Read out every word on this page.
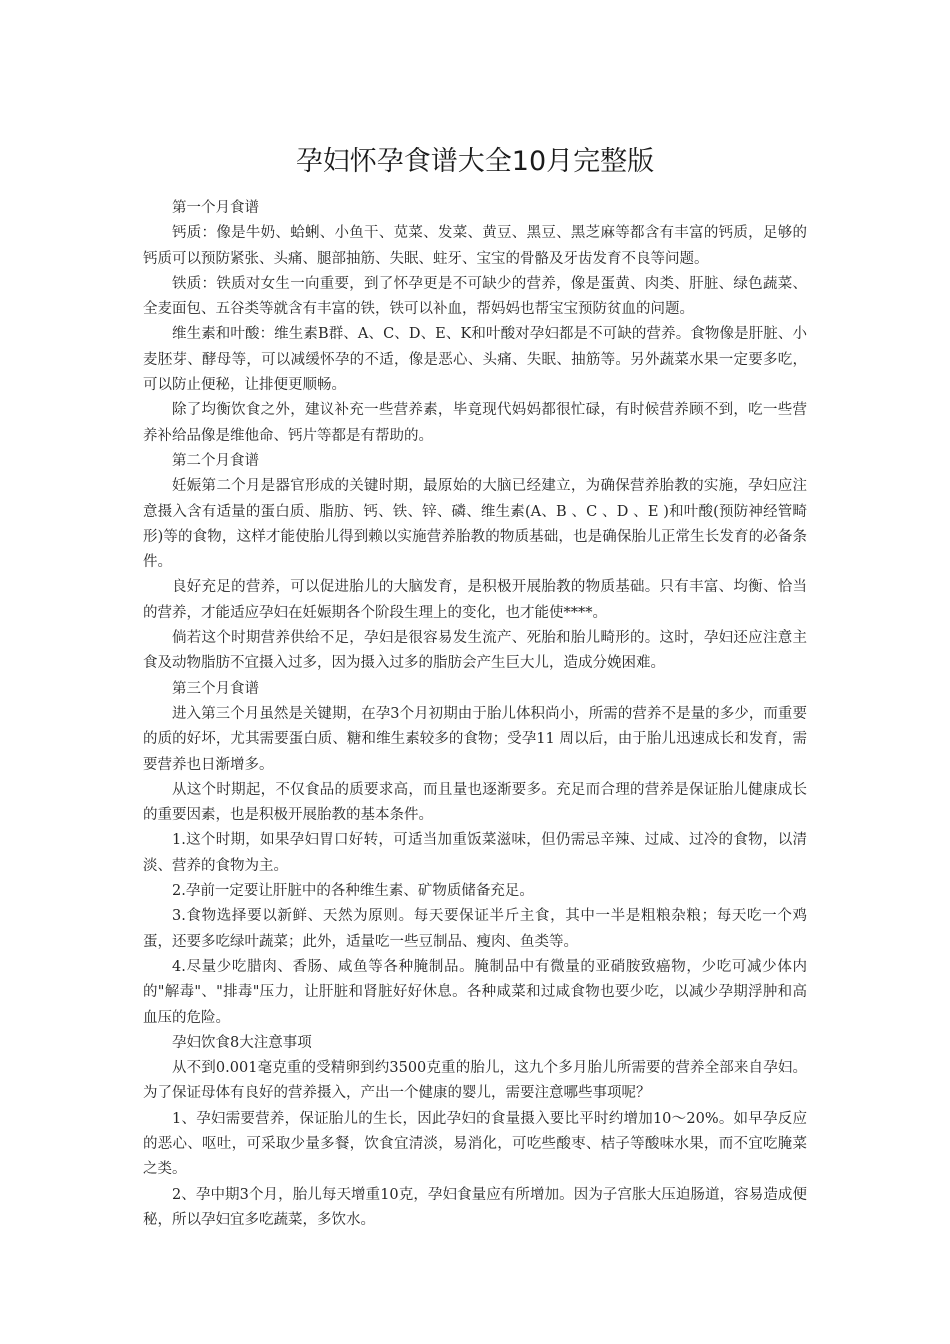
孕妇怀孕食谱大全10月完整版

第一个月食谱

钙质：像是牛奶、蛤蜊、小鱼干、苋菜、发菜、黄豆、黑豆、黑芝麻等都含有丰富的钙质，足够的钙质可以预防紧张、头痛、腿部抽筋、失眠、蛀牙、宝宝的骨骼及牙齿发育不良等问题。

铁质：铁质对女生一向重要，到了怀孕更是不可缺少的营养，像是蛋黄、肉类、肝脏、绿色蔬菜、全麦面包、五谷类等就含有丰富的铁，铁可以补血，帮妈妈也帮宝宝预防贫血的问题。

维生素和叶酸：维生素B群、A、C、D、E、K和叶酸对孕妇都是不可缺的营养。食物像是肝脏、小麦胚芽、酵母等，可以减缓怀孕的不适，像是恶心、头痛、失眠、抽筋等。另外蔬菜水果一定要多吃，可以防止便秘，让排便更顺畅。

除了均衡饮食之外，建议补充一些营养素，毕竟现代妈妈都很忙碌，有时候营养顾不到，吃一些营养补给品像是维他命、钙片等都是有帮助的。

第二个月食谱

妊娠第二个月是器官形成的关键时期，最原始的大脑已经建立，为确保营养胎教的实施，孕妇应注意摄入含有适量的蛋白质、脂肪、钙、铁、锌、磷、维生素(A、B 、C 、D 、E )和叶酸(预防神经管畸形)等的食物，这样才能使胎儿得到赖以实施营养胎教的物质基础，也是确保胎儿正常生长发育的必备条件。

良好充足的营养，可以促进胎儿的大脑发育，是积极开展胎教的物质基础。只有丰富、均衡、恰当的营养，才能适应孕妇在妊娠期各个阶段生理上的变化，也才能使****。

倘若这个时期营养供给不足，孕妇是很容易发生流产、死胎和胎儿畸形的。这时，孕妇还应注意主食及动物脂肪不宜摄入过多，因为摄入过多的脂肪会产生巨大儿，造成分娩困难。

第三个月食谱

进入第三个月虽然是关键期，在孕3个月初期由于胎儿体积尚小，所需的营养不是量的多少，而重要的质的好坏，尤其需要蛋白质、糖和维生素较多的食物；受孕11 周以后，由于胎儿迅速成长和发育，需要营养也日渐增多。

从这个时期起，不仅食品的质要求高，而且量也逐渐要多。充足而合理的营养是保证胎儿健康成长的重要因素，也是积极开展胎教的基本条件。

1.这个时期，如果孕妇胃口好转，可适当加重饭菜滋味，但仍需忌辛辣、过咸、过冷的食物，以清淡、营养的食物为主。

2.孕前一定要让肝脏中的各种维生素、矿物质储备充足。

3.食物选择要以新鲜、天然为原则。每天要保证半斤主食，其中一半是粗粮杂粮；每天吃一个鸡蛋，还要多吃绿叶蔬菜；此外，适量吃一些豆制品、瘦肉、鱼类等。

4.尽量少吃腊肉、香肠、咸鱼等各种腌制品。腌制品中有微量的亚硝胺致癌物，少吃可减少体内的"解毒"、"排毒"压力，让肝脏和肾脏好好休息。各种咸菜和过咸食物也要少吃，以减少孕期浮肿和高血压的危险。

孕妇饮食8大注意事项

从不到0.001毫克重的受精卵到约3500克重的胎儿，这九个多月胎儿所需要的营养全部来自孕妇。为了保证母体有良好的营养摄入，产出一个健康的婴儿，需要注意哪些事项呢？

1、孕妇需要营养，保证胎儿的生长，因此孕妇的食量摄入要比平时约增加10～20%。如早孕反应的恶心、呕吐，可采取少量多餐，饮食宜清淡，易消化，可吃些酸枣、桔子等酸味水果，而不宜吃腌菜之类。

2、孕中期3个月，胎儿每天增重10克，孕妇食量应有所增加。因为子宫胀大压迫肠道，容易造成便秘，所以孕妇宜多吃蔬菜，多饮水。
